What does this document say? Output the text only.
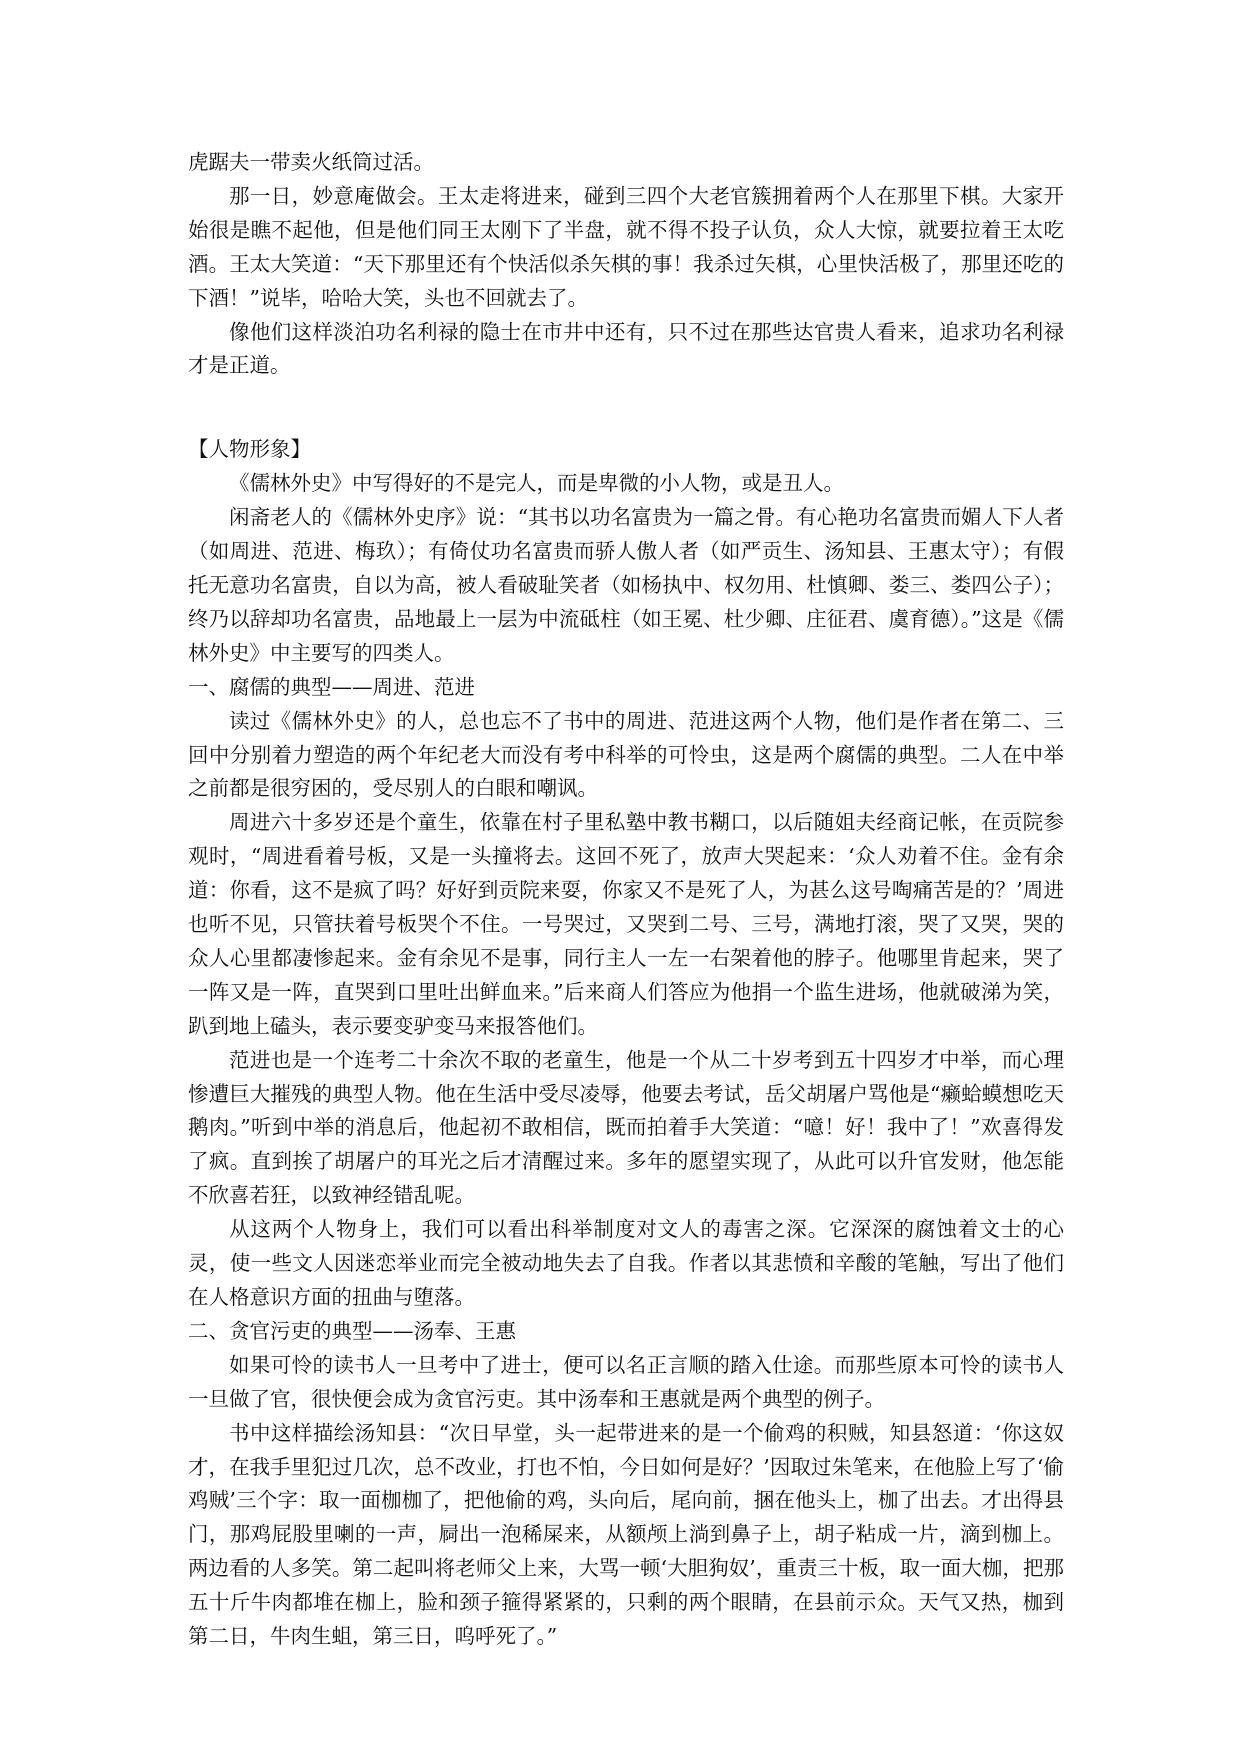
虎踞夫一带卖火纸筒过活。

那一日，妙意庵做会。王太走将进来，碰到三四个大老官簇拥着两个人在那里下棋。大家开始很是瞧不起他，但是他们同王太刚下了半盘，就不得不投子认负，众人大惊，就要拉着王太吃酒。王太大笑道：“天下那里还有个快活似杀矢棋的事！我杀过矢棋，心里快活极了，那里还吃的下酒！”说毕，哈哈大笑，头也不回就去了。

像他们这样淡泊功名利禄的隐士在市井中还有，只不过在那些达官贵人看来，追求功名利禄才是正道。

【人物形象】

《儒林外史》中写得好的不是完人，而是卑微的小人物，或是丑人。

闲斋老人的《儒林外史序》说：“其书以功名富贵为一篇之骨。有心艳功名富贵而媚人下人者（如周进、范进、梅玖）；有倚仗功名富贵而骄人傲人者（如严贡生、汤知县、王惠太守）；有假托无意功名富贵，自以为高，被人看破耻笑者（如杨执中、权勿用、杜慎卿、娄三、娄四公子）；终乃以辞却功名富贵，品地最上一层为中流砥柱（如王冕、杜少卿、庄征君、虞育德）。”这是《儒林外史》中主要写的四类人。

一、腐儒的典型——周进、范进

读过《儒林外史》的人，总也忘不了书中的周进、范进这两个人物，他们是作者在第二、三回中分别着力塑造的两个年纪老大而没有考中科举的可怜虫，这是两个腐儒的典型。二人在中举之前都是很穷困的，受尽别人的白眼和嘲讽。

周进六十多岁还是个童生，依靠在村子里私塾中教书糊口，以后随姐夫经商记帐，在贡院参观时，“周进看着号板，又是一头撞将去。这回不死了，放声大哭起来：‘众人劝着不住。金有余道：你看，这不是疯了吗？好好到贡院来耍，你家又不是死了人，为甚么这号啕痛苦是的？’周进也听不见，只管扶着号板哭个不住。一号哭过，又哭到二号、三号，满地打滚，哭了又哭，哭的众人心里都凄惨起来。金有余见不是事，同行主人一左一右架着他的脖子。他哪里肯起来，哭了一阵又是一阵，直哭到口里吐出鲜血来。”后来商人们答应为他捐一个监生进场，他就破涕为笑，趴到地上磕头，表示要变驴变马来报答他们。

范进也是一个连考二十余次不取的老童生，他是一个从二十岁考到五十四岁才中举，而心理惨遭巨大摧残的典型人物。他在生活中受尽凌辱，他要去考试，岳父胡屠户骂他是“癞蛤蟆想吃天鹅肉。”听到中举的消息后，他起初不敢相信，既而拍着手大笑道：“噫！好！我中了！”欢喜得发了疯。直到挨了胡屠户的耳光之后才清醒过来。多年的愿望实现了，从此可以升官发财，他怎能不欣喜若狂，以致神经错乱呢。

从这两个人物身上，我们可以看出科举制度对文人的毒害之深。它深深的腐蚀着文士的心灵，使一些文人因迷恋举业而完全被动地失去了自我。作者以其悲愤和辛酸的笔触，写出了他们在人格意识方面的扭曲与堕落。

二、贪官污吏的典型——汤奉、王惠

如果可怜的读书人一旦考中了进士，便可以名正言顺的踏入仕途。而那些原本可怜的读书人一旦做了官，很快便会成为贪官污吏。其中汤奉和王惠就是两个典型的例子。

书中这样描绘汤知县：“次日早堂，头一起带进来的是一个偷鸡的积贼，知县怒道：‘你这奴才，在我手里犯过几次，总不改业，打也不怕，今日如何是好？’因取过朱笔来，在他脸上写了‘偷鸡贼’三个字：取一面枷枷了，把他偷的鸡，头向后，尾向前，捆在他头上，枷了出去。才出得县门，那鸡屁股里喇的一声，屙出一泡稀屎来，从额颅上淌到鼻子上，胡子粘成一片，滴到枷上。两边看的人多笑。第二起叫将老师父上来，大骂一顿‘大胆狗奴’，重责三十板，取一面大枷，把那五十斤牛肉都堆在枷上，脸和颈子箍得紧紧的，只剩的两个眼睛，在县前示众。天气又热，枷到第二日，牛肉生蛆，第三日，呜呼死了。”
